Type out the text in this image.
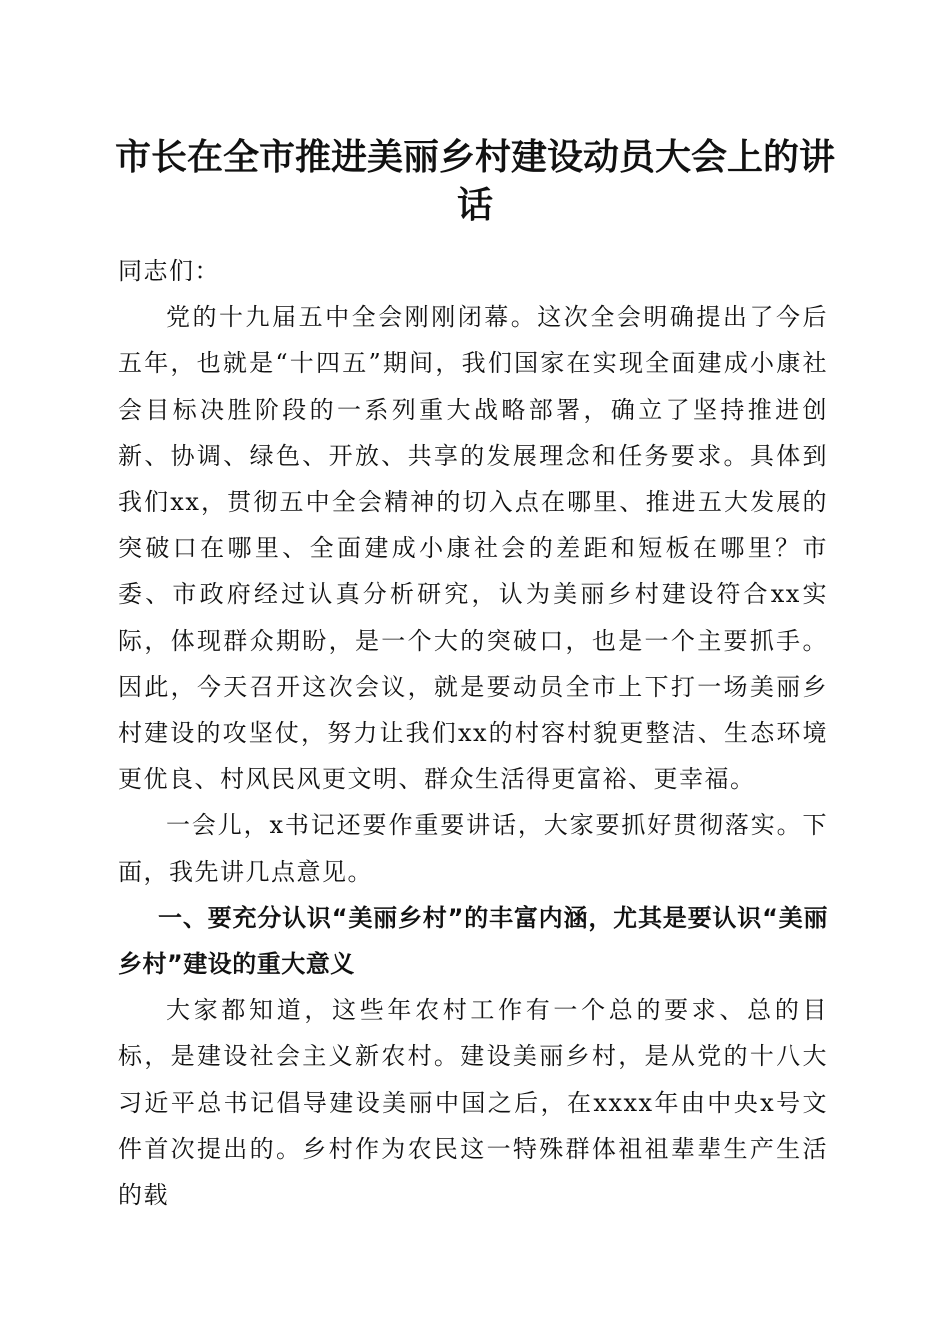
市长在全市推进美丽乡村建设动员大会上的讲话

同志们：

党的十九届五中全会刚刚闭幕。这次全会明确提出了今后五年，也就是“十四五”期间，我们国家在实现全面建成小康社会目标决胜阶段的一系列重大战略部署，确立了坚持推进创新、协调、绿色、开放、共享的发展理念和任务要求。具体到我们xx，贯彻五中全会精神的切入点在哪里、推进五大发展的突破口在哪里、全面建成小康社会的差距和短板在哪里？市委、市政府经过认真分析研究，认为美丽乡村建设符合xx实际，体现群众期盼，是一个大的突破口，也是一个主要抓手。因此，今天召开这次会议，就是要动员全市上下打一场美丽乡村建设的攻坚仗，努力让我们xx的村容村貌更整洁、生态环境更优良、村风民风更文明、群众生活得更富裕、更幸福。

一会儿，x书记还要作重要讲话，大家要抓好贯彻落实。下面，我先讲几点意见。

一、要充分认识“美丽乡村”的丰富内涵，尤其是要认识“美丽乡村”建设的重大意义

大家都知道，这些年农村工作有一个总的要求、总的目标，是建设社会主义新农村。建设美丽乡村，是从党的十八大习近平总书记倡导建设美丽中国之后，在xxxx年由中央x号文件首次提出的。乡村作为农民这一特殊群体祖祖辈辈生产生活的载
